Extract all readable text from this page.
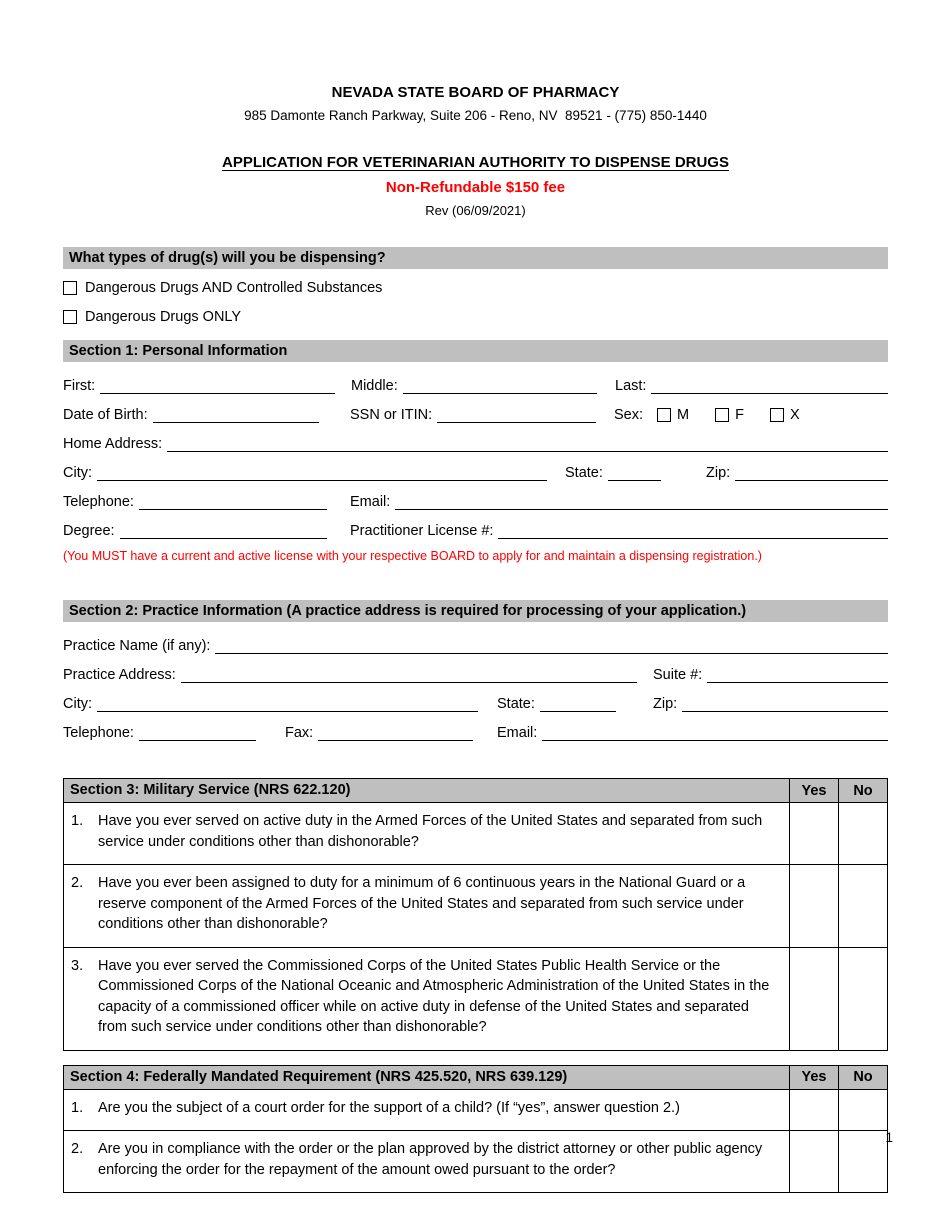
NEVADA STATE BOARD OF PHARMACY
985 Damonte Ranch Parkway, Suite 206 - Reno, NV  89521 - (775) 850-1440
APPLICATION FOR VETERINARIAN AUTHORITY TO DISPENSE DRUGS
Non-Refundable $150 fee
Rev (06/09/2021)
What types of drug(s) will you be dispensing?
Dangerous Drugs AND Controlled Substances
Dangerous Drugs ONLY
Section 1: Personal Information
First:	Middle:	Last:
Date of Birth:	SSN or ITIN:	Sex: M	F	X
Home Address:
City:	State:	Zip:
Telephone:	Email:
Degree:	Practitioner License #:
(You MUST have a current and active license with your respective BOARD to apply for and maintain a dispensing registration.)
Section 2: Practice Information (A practice address is required for processing of your application.)
Practice Name (if any):
Practice Address:	Suite #:
City:	State:	Zip:
Telephone:	Fax:	Email:
Section 3: Military Service (NRS 622.120)	Yes	No

1. Have you ever served on active duty in the Armed Forces of the United States and separated from such service under conditions other than dishonorable?		

2. Have you ever been assigned to duty for a minimum of 6 continuous years in the National Guard or a reserve component of the Armed Forces of the United States and separated from such service under conditions other than dishonorable?		

3. Have you ever served the Commissioned Corps of the United States Public Health Service or the Commissioned Corps of the National Oceanic and Atmospheric Administration of the United States in the capacity of a commissioned officer while on active duty in defense of the United States and separated from such service under conditions other than dishonorable?		

Section 4: Federally Mandated Requirement (NRS 425.520, NRS 639.129)	Yes	No

1. Are you the subject of a court order for the support of a child? (If “yes”, answer question 2.)		

2. Are you in compliance with the order or the plan approved by the district attorney or other public agency enforcing the order for the repayment of the amount owed pursuant to the order?		

1
